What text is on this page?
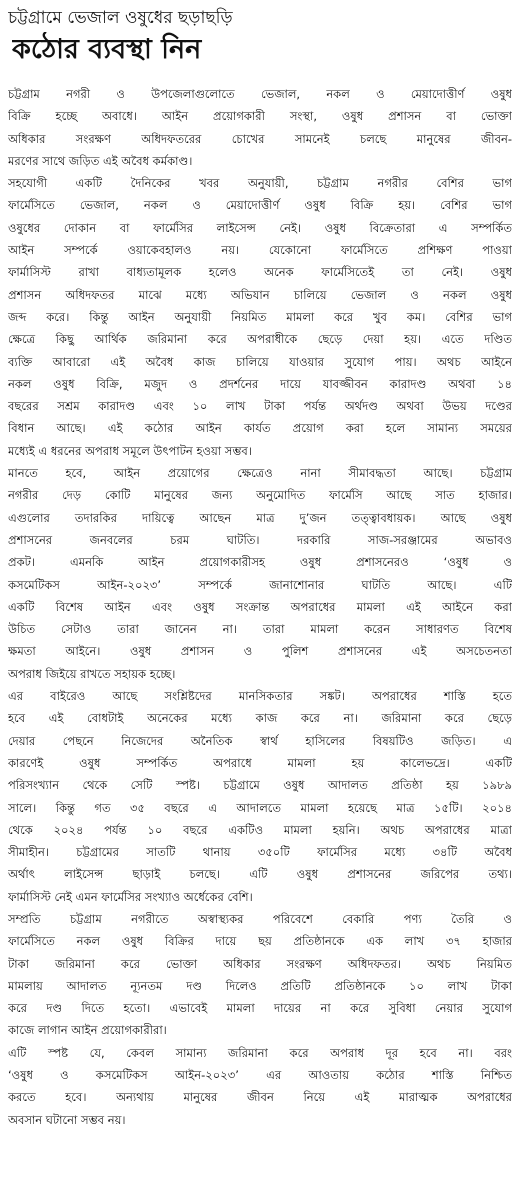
চট্টগ্রামে ভেজাল ওষুধের ছড়াছড়ি
কঠোর ব্যবস্থা নিন
চট্টগ্রাম নগরী ও উপজেলাগুলোতে ভেজাল, নকল ও মেয়াদোত্তীর্ণ ওষুধ
বিক্রি হচ্ছে অবাধে। আইন প্রয়োগকারী সংস্থা, ওষুধ প্রশাসন বা ভোক্তা
অধিকার সংরক্ষণ অধিদফতরের চোখের সামনেই চলছে মানুষের জীবন-
মরণের সাথে জড়িত এই অবৈধ কর্মকাণ্ড।
সহযোগী একটি দৈনিকের খবর অনুযায়ী, চট্টগ্রাম নগরীর বেশির ভাগ
ফার্মেসিতে ভেজাল, নকল ও মেয়াদোত্তীর্ণ ওষুধ বিক্রি হয়। বেশির ভাগ
ওষুধের দোকান বা ফার্মেসির লাইসেন্স নেই। ওষুধ বিক্রেতারা এ সম্পর্কিত
আইন সম্পর্কে ওয়াকেবহালও নয়। যেকোনো ফার্মেসিতে প্রশিক্ষণ পাওয়া
ফার্মাসিস্ট রাখা বাধ্যতামূলক হলেও অনেক ফার্মেসিতেই তা নেই। ওষুধ
প্রশাসন অধিদফতর মাঝে মধ্যে অভিযান চালিয়ে ভেজাল ও নকল ওষুধ
জব্দ করে। কিন্তু আইন অনুযায়ী নিয়মিত মামলা করে খুব কম। বেশির ভাগ
ক্ষেত্রে কিছু আর্থিক জরিমানা করে অপরাধীকে ছেড়ে দেয়া হয়। এতে দণ্ডিত
ব্যক্তি আবারো এই অবৈধ কাজ চালিয়ে যাওয়ার সুযোগ পায়। অথচ আইনে
নকল ওষুধ বিক্রি, মজুদ ও প্রদর্শনের দায়ে যাবজ্জীবন কারাদণ্ড অথবা ১৪
বছরের সশ্রম কারাদণ্ড এবং ১০ লাখ টাকা পর্যন্ত অর্থদণ্ড অথবা উভয় দণ্ডের
বিধান আছে। এই কঠোর আইন কার্যত প্রয়োগ করা হলে সামান্য সময়ের
মধ্যেই এ ধরনের অপরাধ সমূলে উৎপাটন হওয়া সম্ভব।
মানতে হবে, আইন প্রয়োগের ক্ষেত্রেও নানা সীমাবদ্ধতা আছে। চট্টগ্রাম
নগরীর দেড় কোটি মানুষের জন্য অনুমোদিত ফার্মেসি আছে সাত হাজার।
এগুলোর তদারকির দায়িত্বে আছেন মাত্র দু’জন তত্ত্বাবধায়ক। আছে ওষুধ
প্রশাসনের জনবলের চরম ঘাটতি। দরকারি সাজ-সরঞ্জামের অভাবও
প্রকট। এমনকি আইন প্রয়োগকারীসহ ওষুধ প্রশাসনেরও ‘ওষুধ ও
কসমেটিকস আইন-২০২৩’ সম্পর্কে জানাশোনার ঘাটতি আছে। এটি
একটি বিশেষ আইন এবং ওষুধ সংক্রান্ত অপরাধের মামলা এই আইনে করা
উচিত সেটাও তারা জানেন না। তারা মামলা করেন সাধারণত বিশেষ
ক্ষমতা আইনে। ওষুধ প্রশাসন ও পুলিশ প্রশাসনের এই অসচেতনতা
অপরাধ জিইয়ে রাখতে সহায়ক হচ্ছে।
এর বাইরেও আছে সংশ্লিষ্টদের মানসিকতার সঙ্কট। অপরাধের শাস্তি হতে
হবে এই বোধটাই অনেকের মধ্যে কাজ করে না। জরিমানা করে ছেড়ে
দেয়ার পেছনে নিজেদের অনৈতিক স্বার্থ হাসিলের বিষয়টিও জড়িত। এ
কারণেই ওষুধ সম্পর্কিত অপরাধে মামলা হয় কালেভদ্রে। একটি
পরিসংখ্যান থেকে সেটি স্পষ্ট। চট্টগ্রামে ওষুধ আদালত প্রতিষ্ঠা হয় ১৯৮৯
সালে। কিন্তু গত ৩৫ বছরে এ আদালতে মামলা হয়েছে মাত্র ১৫টি। ২০১৪
থেকে ২০২৪ পর্যন্ত ১০ বছরে একটিও মামলা হয়নি। অথচ অপরাধের মাত্রা
সীমাহীন। চট্টগ্রামের সাতটি থানায় ৩৫০টি ফার্মেসির মধ্যে ৩৪টি অবৈধ
অর্থাৎ লাইসেন্স ছাড়াই চলছে। এটি ওষুধ প্রশাসনের জরিপের তথ্য।
ফার্মাসিস্ট নেই এমন ফার্মেসির সংখ্যাও অর্ধেকের বেশি।
সম্প্রতি চট্টগ্রাম নগরীতে অস্বাস্থ্যকর পরিবেশে বেকারি পণ্য তৈরি ও
ফার্মেসিতে নকল ওষুধ বিক্রির দায়ে ছয় প্রতিষ্ঠানকে এক লাখ ৩৭ হাজার
টাকা জরিমানা করে ভোক্তা অধিকার সংরক্ষণ অধিদফতর। অথচ নিয়মিত
মামলায় আদালত ন্যূনতম দণ্ড দিলেও প্রতিটি প্রতিষ্ঠানকে ১০ লাখ টাকা
করে দণ্ড দিতে হতো। এভাবেই মামলা দায়ের না করে সুবিধা নেয়ার সুযোগ
কাজে লাগান আইন প্রয়োগকারীরা।
এটি স্পষ্ট যে, কেবল সামান্য জরিমানা করে অপরাধ দূর হবে না। বরং
‘ওষুধ ও কসমেটিকস আইন-২০২৩’ এর আওতায় কঠোর শাস্তি নিশ্চিত
করতে হবে। অন্যথায় মানুষের জীবন নিয়ে এই মারাত্মক অপরাধের
অবসান ঘটানো সম্ভব নয়।
